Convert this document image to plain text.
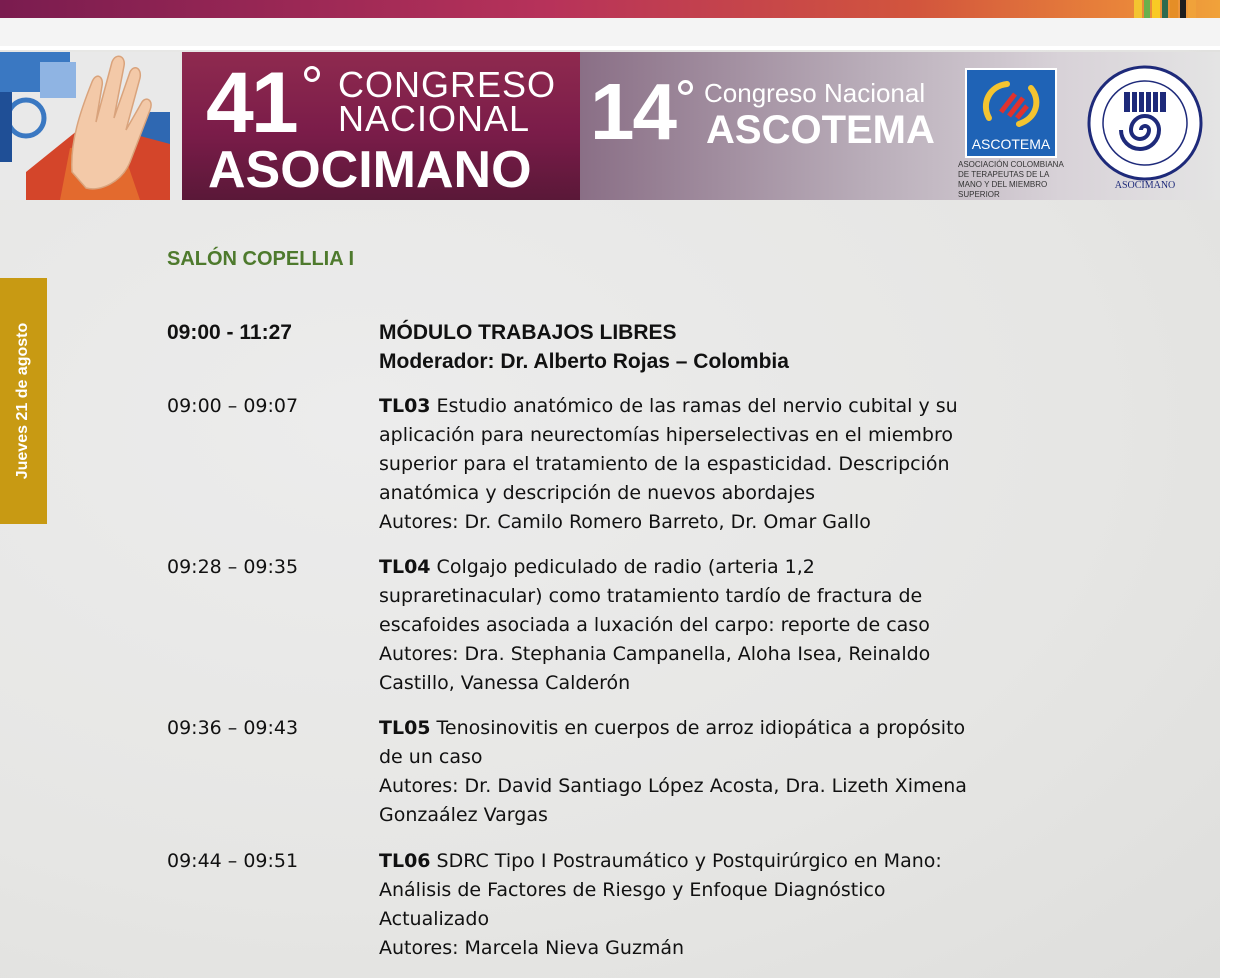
41 CONGRESO
NACIONAL
ASOCIMANO
14 Congreso Nacional
ASCOTEMA	ASCOTEMA
ASOCIACIÓN COLOMBIANA DE TERAPEUTAS DE LA MANO Y DEL MIEMBRO SUPERIOR
ASOCIMANO
Jueves 21 de agosto
SALÓN COPELLIA I
09:00 - 11:27	MÓDULO TRABAJOS LIBRES
Moderador: Dr. Alberto Rojas – Colombia
09:00 – 09:07	TL03 Estudio anatómico de las ramas del nervio cubital y su
aplicación para neurectomías hiperselectivas en el miembro
superior para el tratamiento de la espasticidad. Descripción
anatómica y descripción de nuevos abordajes
Autores: Dr. Camilo Romero Barreto, Dr. Omar Gallo
09:28 – 09:35	TL04 Colgajo pediculado de radio (arteria 1,2
supraretinacular) como tratamiento tardío de fractura de
escafoides asociada a luxación del carpo: reporte de caso
Autores: Dra. Stephania Campanella, Aloha Isea, Reinaldo
Castillo, Vanessa Calderón
09:36 – 09:43	TL05 Tenosinovitis en cuerpos de arroz idiopática a propósito
de un caso
Autores: Dr. David Santiago López Acosta, Dra. Lizeth Ximena
Gonzaález Vargas
09:44 – 09:51	TL06 SDRC Tipo I Postraumático y Postquirúrgico en Mano:
Análisis de Factores de Riesgo y Enfoque Diagnóstico
Actualizado
Autores: Marcela Nieva Guzmán
